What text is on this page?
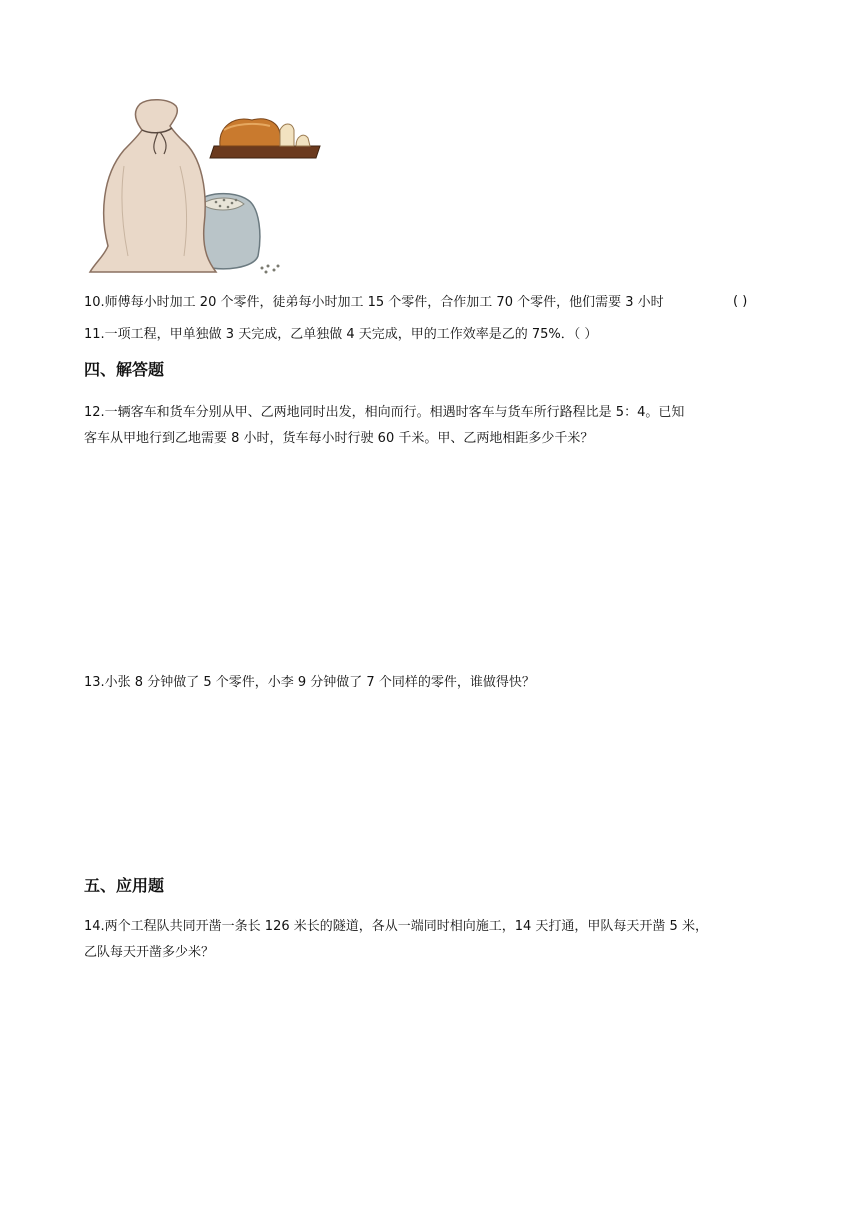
10.师傅每小时加工 20 个零件，徒弟每小时加工 15 个零件，合作加工 70 个零件，他们需要 3 小时	( )
11.一项工程，甲单独做 3 天完成，乙单独做 4 天完成，甲的工作效率是乙的 75%．（ ）
四、解答题
12.一辆客车和货车分别从甲、乙两地同时出发，相向而行。相遇时客车与货车所行路程比是 5：4。已知
客车从甲地行到乙地需要 8 小时，货车每小时行驶 60 千米。甲、乙两地相距多少千米？
13.小张 8 分钟做了 5 个零件，小李 9 分钟做了 7 个同样的零件，谁做得快？
五、应用题
14.两个工程队共同开凿一条长 126 米长的隧道，各从一端同时相向施工，14 天打通，甲队每天开凿 5 米，
乙队每天开凿多少米？
